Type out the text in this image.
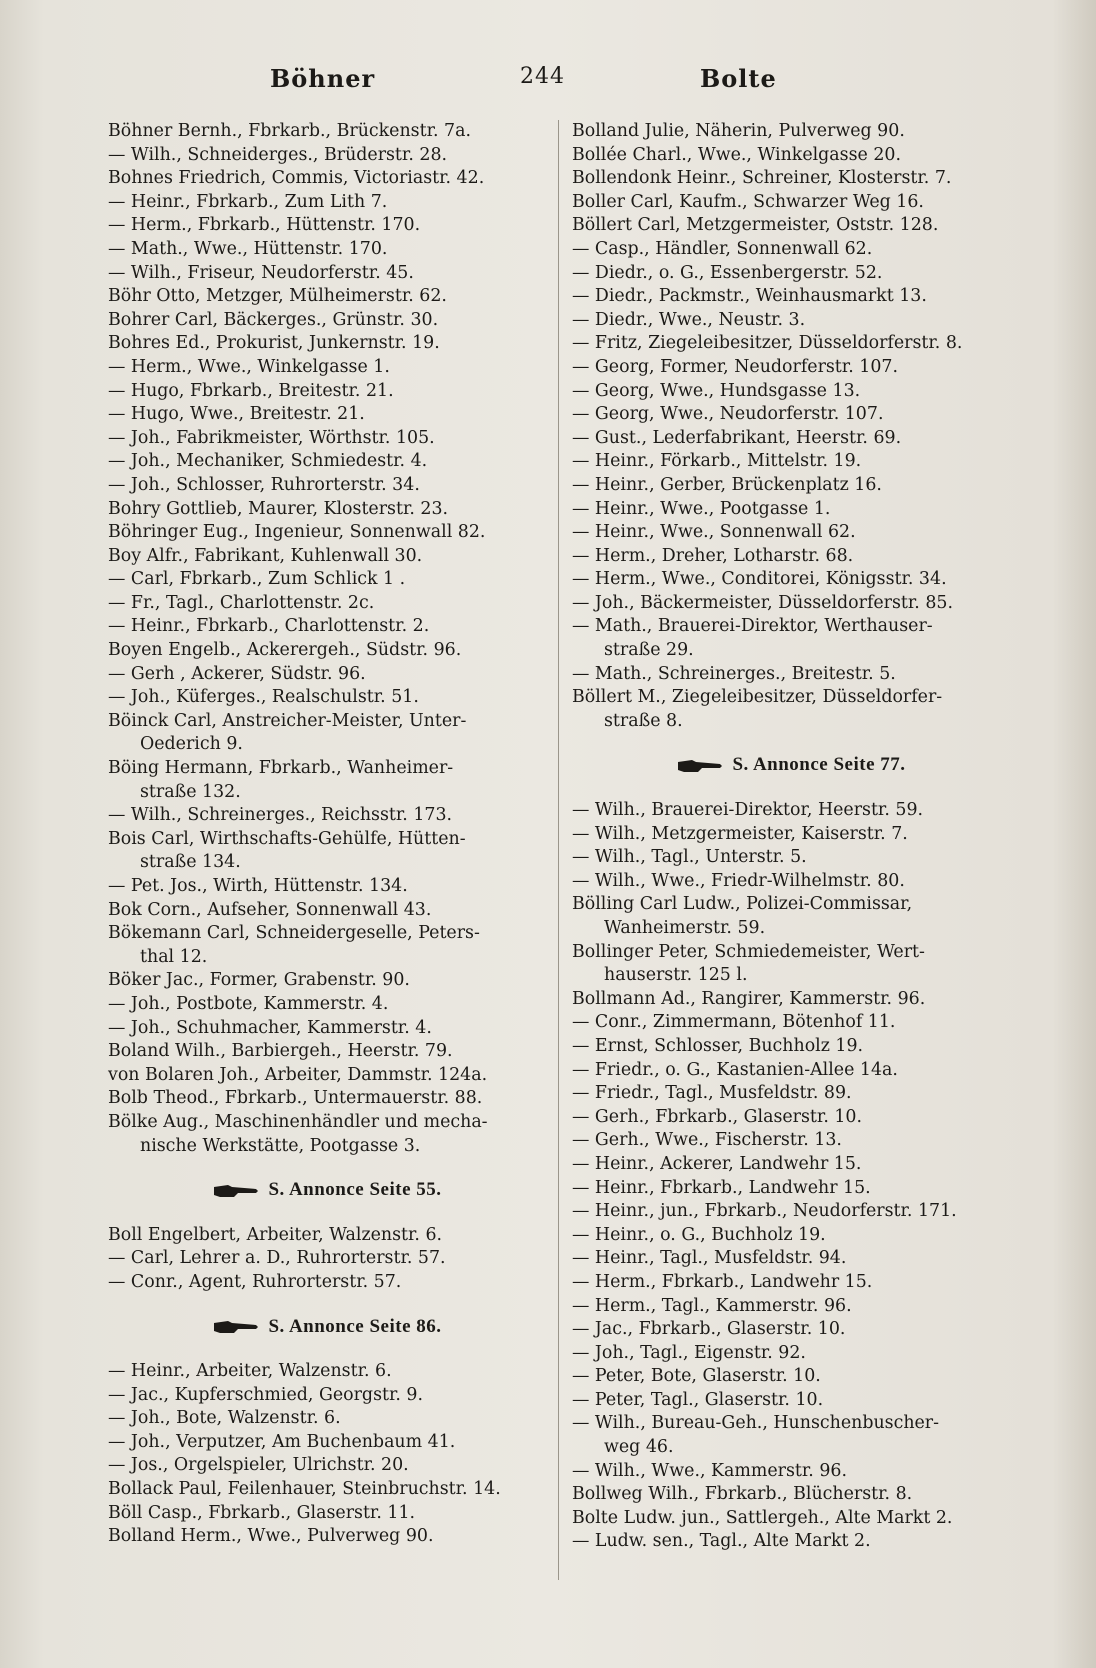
Böhner	244	Bolte
Böhner Bernh., Fbrkarb., Brückenstr. 7a.
— Wilh., Schneiderges., Brüderstr. 28.
Bohnes Friedrich, Commis, Victoriastr. 42.
— Heinr., Fbrkarb., Zum Lith 7.
— Herm., Fbrkarb., Hüttenstr. 170.
— Math., Wwe., Hüttenstr. 170.
— Wilh., Friseur, Neudorferstr. 45.
Böhr Otto, Metzger, Mülheimerstr. 62.
Bohrer Carl, Bäckerges., Grünstr. 30.
Bohres Ed., Prokurist, Junkernstr. 19.
— Herm., Wwe., Winkelgasse 1.
— Hugo, Fbrkarb., Breitestr. 21.
— Hugo, Wwe., Breitestr. 21.
— Joh., Fabrikmeister, Wörthstr. 105.
— Joh., Mechaniker, Schmiedestr. 4.
— Joh., Schlosser, Ruhrorterstr. 34.
Bohry Gottlieb, Maurer, Klosterstr. 23.
Böhringer Eug., Ingenieur, Sonnenwall 82.
Boy Alfr., Fabrikant, Kuhlenwall 30.
— Carl, Fbrkarb., Zum Schlick 1 .
— Fr., Tagl., Charlottenstr. 2c.
— Heinr., Fbrkarb., Charlottenstr. 2.
Boyen Engelb., Ackerergeh., Südstr. 96.
— Gerh , Ackerer, Südstr. 96.
— Joh., Küferges., Realschulstr. 51.
Böinck Carl, Anstreicher-Meister, Unter-
Oederich 9.
Böing Hermann, Fbrkarb., Wanheimer-
straße 132.
— Wilh., Schreinerges., Reichsstr. 173.
Bois Carl, Wirthschafts-Gehülfe, Hütten-
straße 134.
— Pet. Jos., Wirth, Hüttenstr. 134.
Bok Corn., Aufseher, Sonnenwall 43.
Bökemann Carl, Schneidergeselle, Peters-
thal 12.
Böker Jac., Former, Grabenstr. 90.
— Joh., Postbote, Kammerstr. 4.
— Joh., Schuhmacher, Kammerstr. 4.
Boland Wilh., Barbiergeh., Heerstr. 79.
von Bolaren Joh., Arbeiter, Dammstr. 124a.
Bolb Theod., Fbrkarb., Untermauerstr. 88.
Bölke Aug., Maschinenhändler und mecha-
nische Werkstätte, Pootgasse 3.
S. Annonce Seite 55.
Boll Engelbert, Arbeiter, Walzenstr. 6.
— Carl, Lehrer a. D., Ruhrorterstr. 57.
— Conr., Agent, Ruhrorterstr. 57.
S. Annonce Seite 86.
— Heinr., Arbeiter, Walzenstr. 6.
— Jac., Kupferschmied, Georgstr. 9.
— Joh., Bote, Walzenstr. 6.
— Joh., Verputzer, Am Buchenbaum 41.
— Jos., Orgelspieler, Ulrichstr. 20.
Bollack Paul, Feilenhauer, Steinbruchstr. 14.
Böll Casp., Fbrkarb., Glaserstr. 11.
Bolland Herm., Wwe., Pulverweg 90.
Bolland Julie, Näherin, Pulverweg 90.
Bollée Charl., Wwe., Winkelgasse 20.
Bollendonk Heinr., Schreiner, Klosterstr. 7.
Boller Carl, Kaufm., Schwarzer Weg 16.
Böllert Carl, Metzgermeister, Oststr. 128.
— Casp., Händler, Sonnenwall 62.
— Diedr., o. G., Essenbergerstr. 52.
— Diedr., Packmstr., Weinhausmarkt 13.
— Diedr., Wwe., Neustr. 3.
— Fritz, Ziegeleibesitzer, Düsseldorferstr. 8.
— Georg, Former, Neudorferstr. 107.
— Georg, Wwe., Hundsgasse 13.
— Georg, Wwe., Neudorferstr. 107.
— Gust., Lederfabrikant, Heerstr. 69.
— Heinr., Förkarb., Mittelstr. 19.
— Heinr., Gerber, Brückenplatz 16.
— Heinr., Wwe., Pootgasse 1.
— Heinr., Wwe., Sonnenwall 62.
— Herm., Dreher, Lotharstr. 68.
— Herm., Wwe., Conditorei, Königsstr. 34.
— Joh., Bäckermeister, Düsseldorferstr. 85.
— Math., Brauerei-Direktor, Werthauser-
straße 29.
— Math., Schreinerges., Breitestr. 5.
Böllert M., Ziegeleibesitzer, Düsseldorfer-
straße 8.
S. Annonce Seite 77.
— Wilh., Brauerei-Direktor, Heerstr. 59.
— Wilh., Metzgermeister, Kaiserstr. 7.
— Wilh., Tagl., Unterstr. 5.
— Wilh., Wwe., Friedr-Wilhelmstr. 80.
Bölling Carl Ludw., Polizei-Commissar,
Wanheimerstr. 59.
Bollinger Peter, Schmiedemeister, Wert-
hauserstr. 125 l.
Bollmann Ad., Rangirer, Kammerstr. 96.
— Conr., Zimmermann, Bötenhof 11.
— Ernst, Schlosser, Buchholz 19.
— Friedr., o. G., Kastanien-Allee 14a.
— Friedr., Tagl., Musfeldstr. 89.
— Gerh., Fbrkarb., Glaserstr. 10.
— Gerh., Wwe., Fischerstr. 13.
— Heinr., Ackerer, Landwehr 15.
— Heinr., Fbrkarb., Landwehr 15.
— Heinr., jun., Fbrkarb., Neudorferstr. 171.
— Heinr., o. G., Buchholz 19.
— Heinr., Tagl., Musfeldstr. 94.
— Herm., Fbrkarb., Landwehr 15.
— Herm., Tagl., Kammerstr. 96.
— Jac., Fbrkarb., Glaserstr. 10.
— Joh., Tagl., Eigenstr. 92.
— Peter, Bote, Glaserstr. 10.
— Peter, Tagl., Glaserstr. 10.
— Wilh., Bureau-Geh., Hunschenbuscher-
weg 46.
— Wilh., Wwe., Kammerstr. 96.
Bollweg Wilh., Fbrkarb., Blücherstr. 8.
Bolte Ludw. jun., Sattlergeh., Alte Markt 2.
— Ludw. sen., Tagl., Alte Markt 2.
